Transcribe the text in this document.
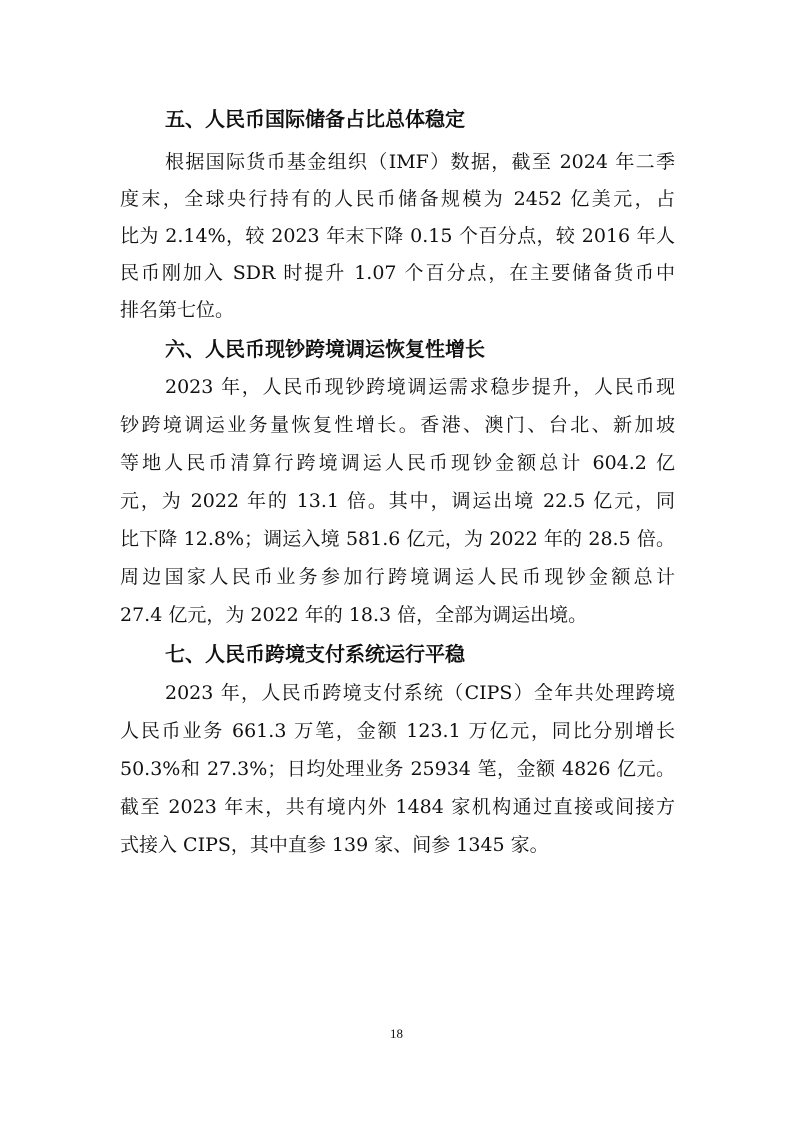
五、人民币国际储备占比总体稳定

根据国际货币基金组织（IMF）数据，截至 2024 年二季

度末，全球央行持有的人民币储备规模为 2452 亿美元，占

比为 2.14%，较 2023 年末下降 0.15 个百分点，较 2016 年人

民币刚加入 SDR 时提升 1.07 个百分点，在主要储备货币中

排名第七位。

六、人民币现钞跨境调运恢复性增长

2023 年，人民币现钞跨境调运需求稳步提升，人民币现

钞跨境调运业务量恢复性增长。香港、澳门、台北、新加坡

等地人民币清算行跨境调运人民币现钞金额总计 604.2 亿

元，为 2022 年的 13.1 倍。其中，调运出境 22.5 亿元，同

比下降 12.8%；调运入境 581.6 亿元，为 2022 年的 28.5 倍。

周边国家人民币业务参加行跨境调运人民币现钞金额总计

27.4 亿元，为 2022 年的 18.3 倍，全部为调运出境。

七、人民币跨境支付系统运行平稳

2023 年，人民币跨境支付系统（CIPS）全年共处理跨境

人民币业务 661.3 万笔，金额 123.1 万亿元，同比分别增长

50.3%和 27.3%；日均处理业务 25934 笔，金额 4826 亿元。

截至 2023 年末，共有境内外 1484 家机构通过直接或间接方

式接入 CIPS，其中直参 139 家、间参 1345 家。

18
